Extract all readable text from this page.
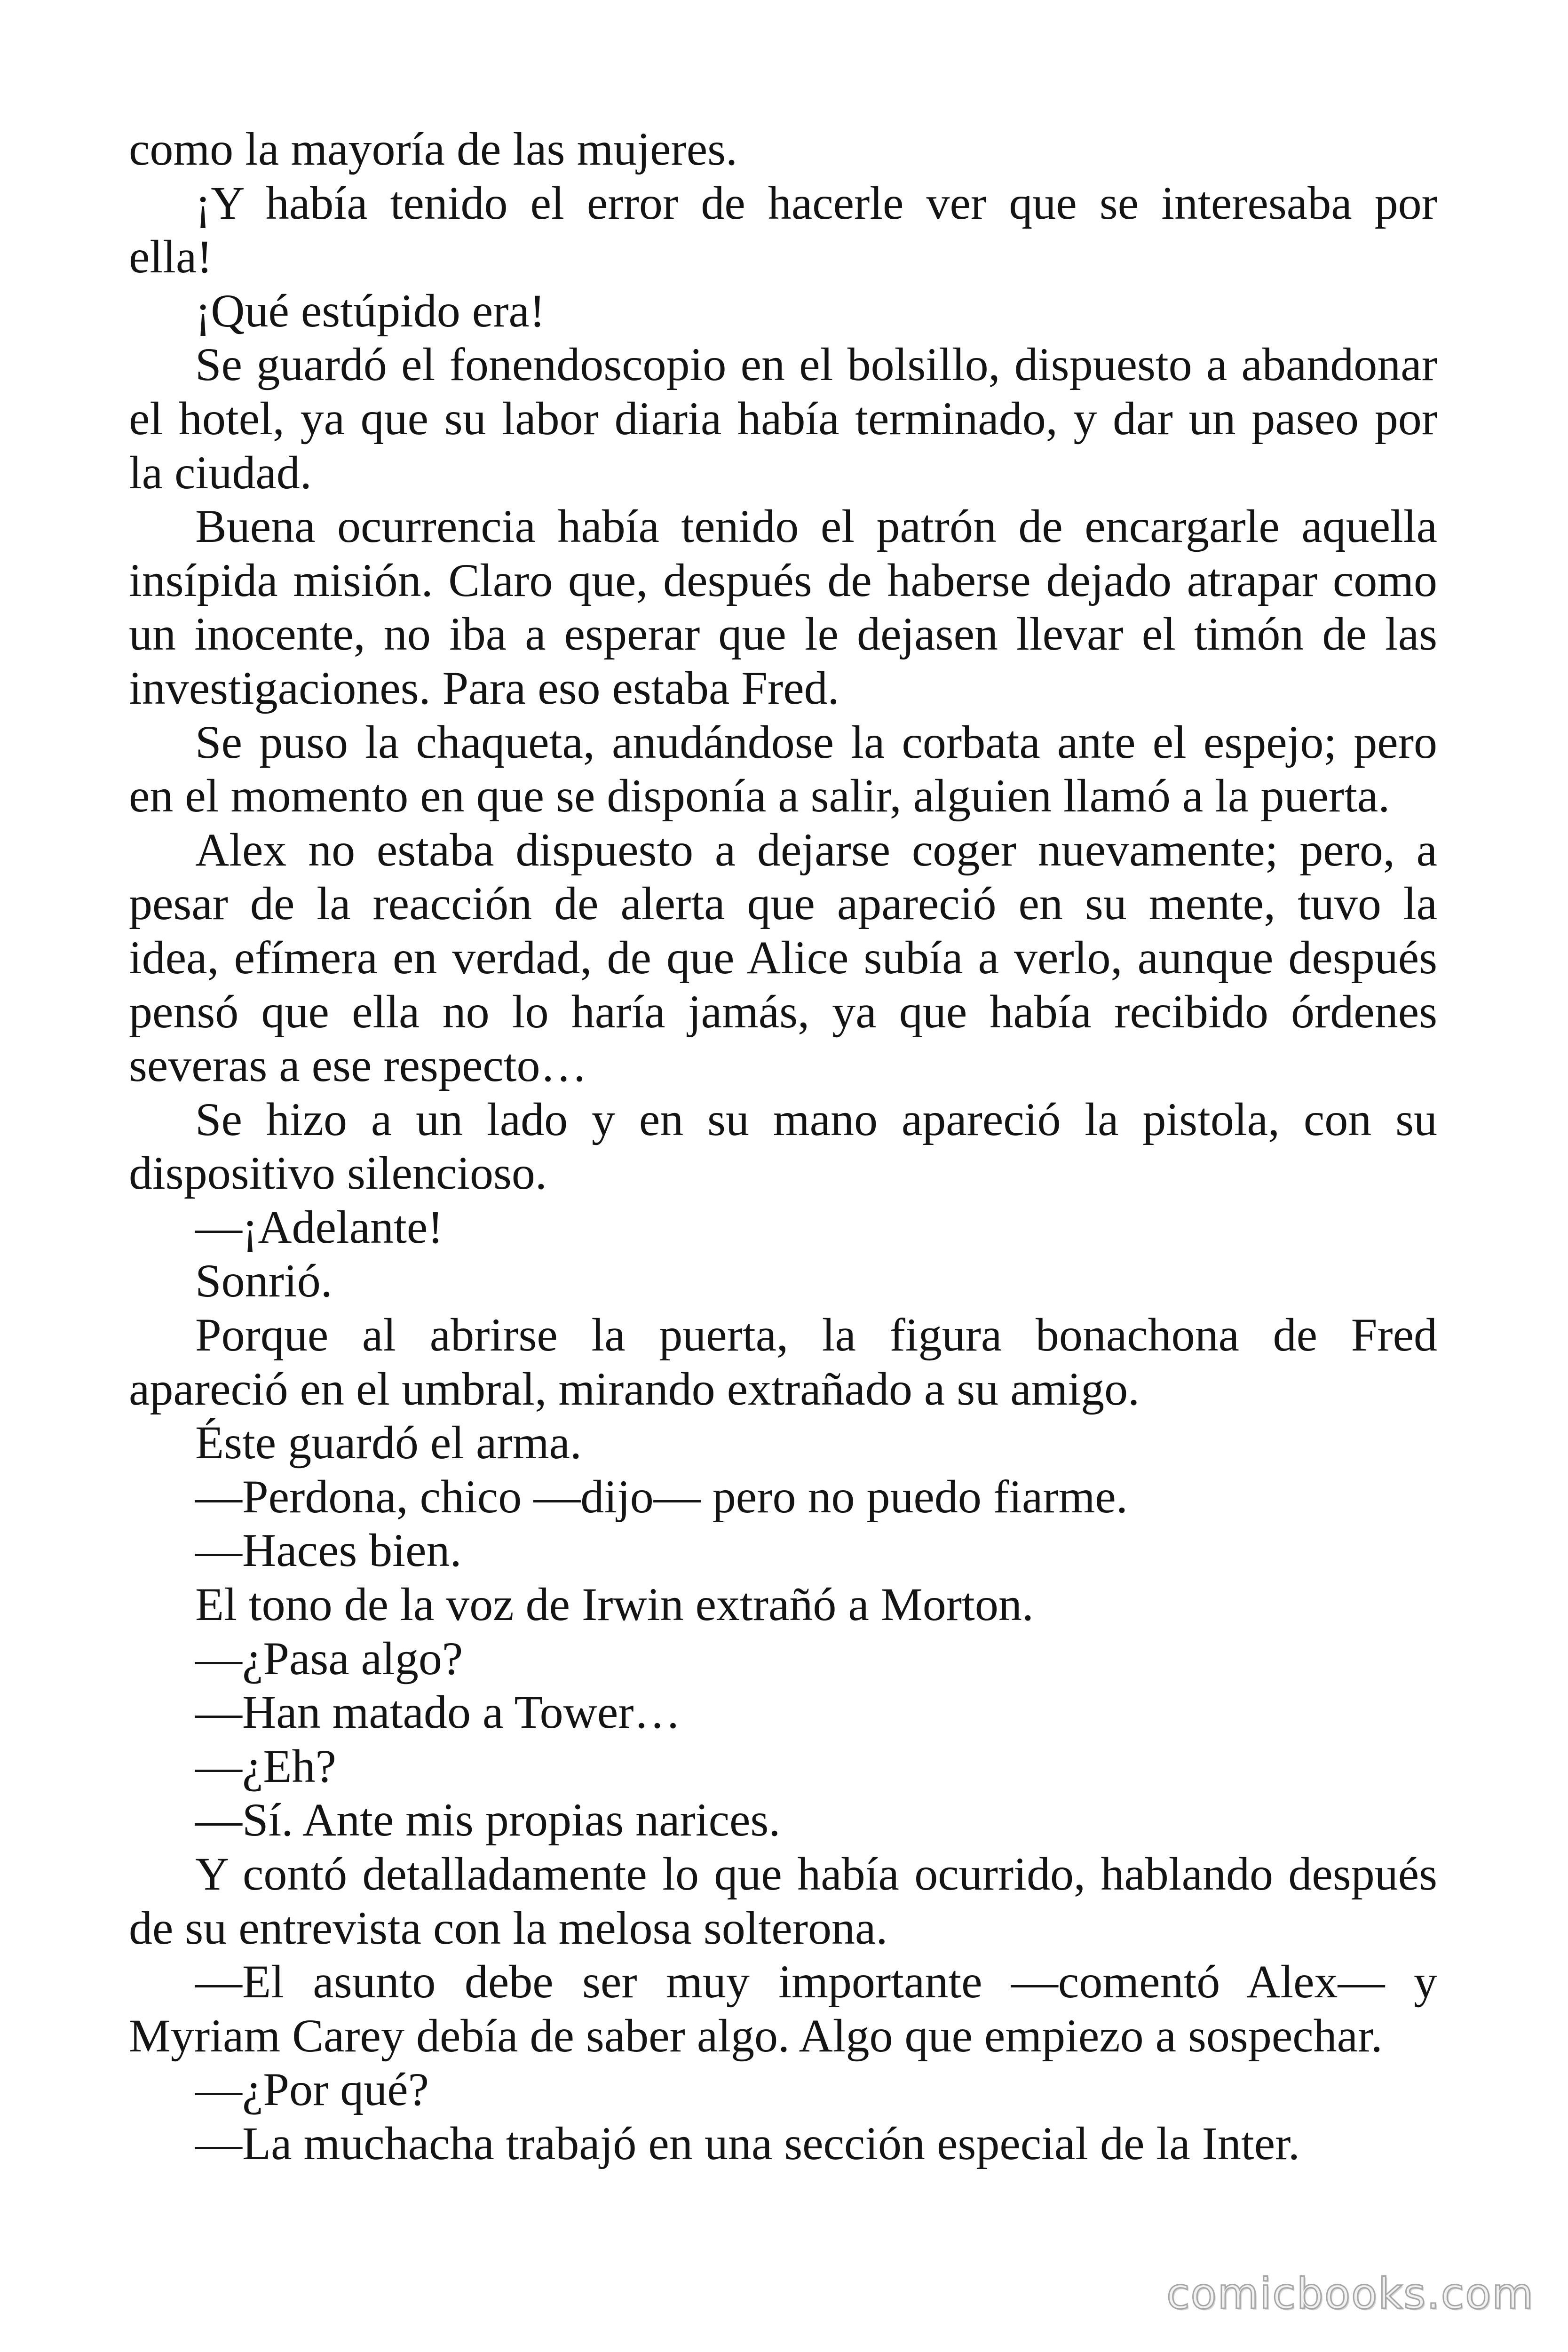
como la mayoría de las mujeres.

¡Y había tenido el error de hacerle ver que se interesaba por
ella!

¡Qué estúpido era!

Se guardó el fonendoscopio en el bolsillo, dispuesto a abandonar
el hotel, ya que su labor diaria había terminado, y dar un paseo por
la ciudad.

Buena ocurrencia había tenido el patrón de encargarle aquella
insípida misión. Claro que, después de haberse dejado atrapar como
un inocente, no iba a esperar que le dejasen llevar el timón de las
investigaciones. Para eso estaba Fred.

Se puso la chaqueta, anudándose la corbata ante el espejo; pero
en el momento en que se disponía a salir, alguien llamó a la puerta.

Alex no estaba dispuesto a dejarse coger nuevamente; pero, a
pesar de la reacción de alerta que apareció en su mente, tuvo la
idea, efímera en verdad, de que Alice subía a verlo, aunque después
pensó que ella no lo haría jamás, ya que había recibido órdenes
severas a ese respecto…

Se hizo a un lado y en su mano apareció la pistola, con su
dispositivo silencioso.

—¡Adelante!

Sonrió.

Porque al abrirse la puerta, la figura bonachona de Fred
apareció en el umbral, mirando extrañado a su amigo.

Éste guardó el arma.

—Perdona, chico —dijo— pero no puedo fiarme.

—Haces bien.

El tono de la voz de Irwin extrañó a Morton.

—¿Pasa algo?

—Han matado a Tower…

—¿Eh?

—Sí. Ante mis propias narices.

Y contó detalladamente lo que había ocurrido, hablando después
de su entrevista con la melosa solterona.

—El asunto debe ser muy importante —comentó Alex— y
Myriam Carey debía de saber algo. Algo que empiezo a sospechar.

—¿Por qué?

—La muchacha trabajó en una sección especial de la Inter.

comicbooks.com
